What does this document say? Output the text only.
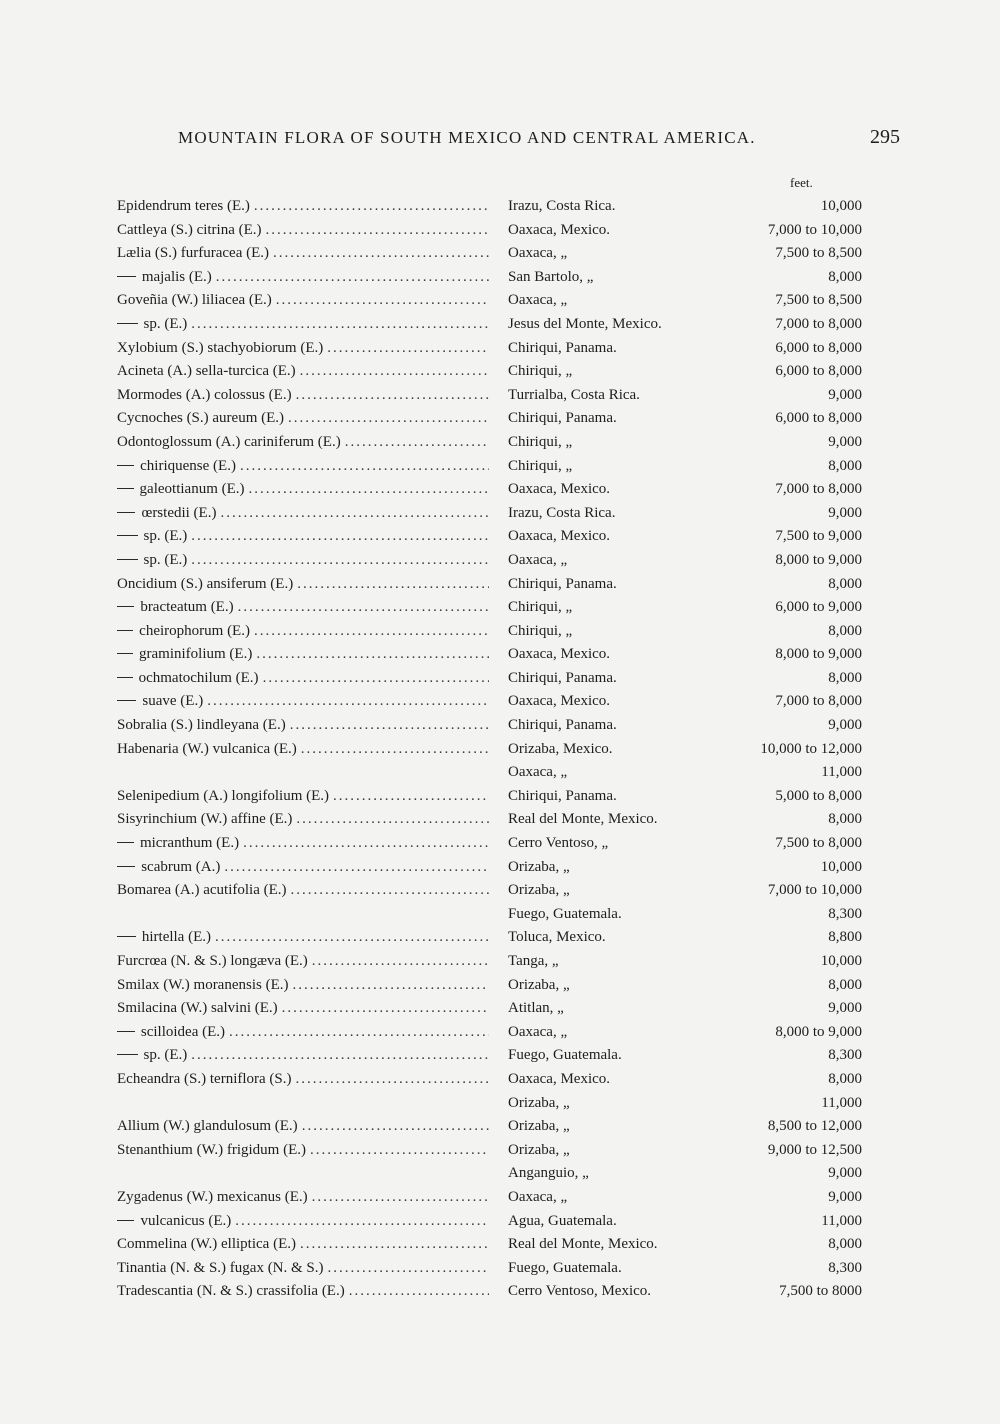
MOUNTAIN FLORA OF SOUTH MEXICO AND CENTRAL AMERICA.	295
feet.
Epidendrum teres (E.) .....	Irazu, Costa Rica.	10,000
Cattleya (S.) citrina (E.) .....	Oaxaca, Mexico.	7,000 to 10,000
Lælia (S.) furfuracea (E.) .....	Oaxaca, „	7,500 to 8,500
majalis (E.) .....	San Bartolo, „	8,000
Goveñia (W.) liliacea (E.) .....	Oaxaca, „	7,500 to 8,500
sp. (E.) .....	Jesus del Monte, Mexico.	7,000 to 8,000
Xylobium (S.) stachyobiorum (E.) .....	Chiriqui, Panama.	6,000 to 8,000
Acineta (A.) sella-turcica (E.) .....	Chiriqui, „	6,000 to 8,000
Mormodes (A.) colossus (E.) .....	Turrialba, Costa Rica.	9,000
Cycnoches (S.) aureum (E.) .....	Chiriqui, Panama.	6,000 to 8,000
Odontoglossum (A.) cariniferum (E.) .....	Chiriqui, „	9,000
chiriquense (E.) .....	Chiriqui, „	8,000
galeottianum (E.) .....	Oaxaca, Mexico.	7,000 to 8,000
œrstedii (E.) .....	Irazu, Costa Rica.	9,000
sp. (E.) .....	Oaxaca, Mexico.	7,500 to 9,000
sp. (E.) .....	Oaxaca, „	8,000 to 9,000
Oncidium (S.) ansiferum (E.) .....	Chiriqui, Panama.	8,000
bracteatum (E.) .....	Chiriqui, „	6,000 to 9,000
cheirophorum (E.) .....	Chiriqui, „	8,000
graminifolium (E.) .....	Oaxaca, Mexico.	8,000 to 9,000
ochmatochilum (E.) .....	Chiriqui, Panama.	8,000
suave (E.) .....	Oaxaca, Mexico.	7,000 to 8,000
Sobralia (S.) lindleyana (E.) .....	Chiriqui, Panama.	9,000
Habenaria (W.) vulcanica (E.) .....	Orizaba, Mexico.	10,000 to 12,000
Oaxaca, „	11,000
Selenipedium (A.) longifolium (E.) .....	Chiriqui, Panama.	5,000 to 8,000
Sisyrinchium (W.) affine (E.) .....	Real del Monte, Mexico.	8,000
micranthum (E.) .....	Cerro Ventoso, „	7,500 to 8,000
scabrum (A.) .....	Orizaba, „	10,000
Bomarea (A.) acutifolia (E.) .....	Orizaba, „	7,000 to 10,000
Fuego, Guatemala.	8,300
hirtella (E.) .....	Toluca, Mexico.	8,800
Furcrœa (N. & S.) longæva (E.) .....	Tanga, „	10,000
Smilax (W.) moranensis (E.) .....	Orizaba, „	8,000
Smilacina (W.) salvini (E.) .....	Atitlan, „	9,000
scilloidea (E.) .....	Oaxaca, „	8,000 to 9,000
sp. (E.) .....	Fuego, Guatemala.	8,300
Echeandra (S.) terniflora (S.) .....	Oaxaca, Mexico.	8,000
Orizaba, „	11,000
Allium (W.) glandulosum (E.) .....	Orizaba, „	8,500 to 12,000
Stenanthium (W.) frigidum (E.) .....	Orizaba, „	9,000 to 12,500
Anganguio, „	9,000
Zygadenus (W.) mexicanus (E.) .....	Oaxaca, „	9,000
vulcanicus (E.) .....	Agua, Guatemala.	11,000
Commelina (W.) elliptica (E.) .....	Real del Monte, Mexico.	8,000
Tinantia (N. & S.) fugax (N. & S.) .....	Fuego, Guatemala.	8,300
Tradescantia (N. & S.) crassifolia (E.) .....	Cerro Ventoso, Mexico.	7,500 to 8000
